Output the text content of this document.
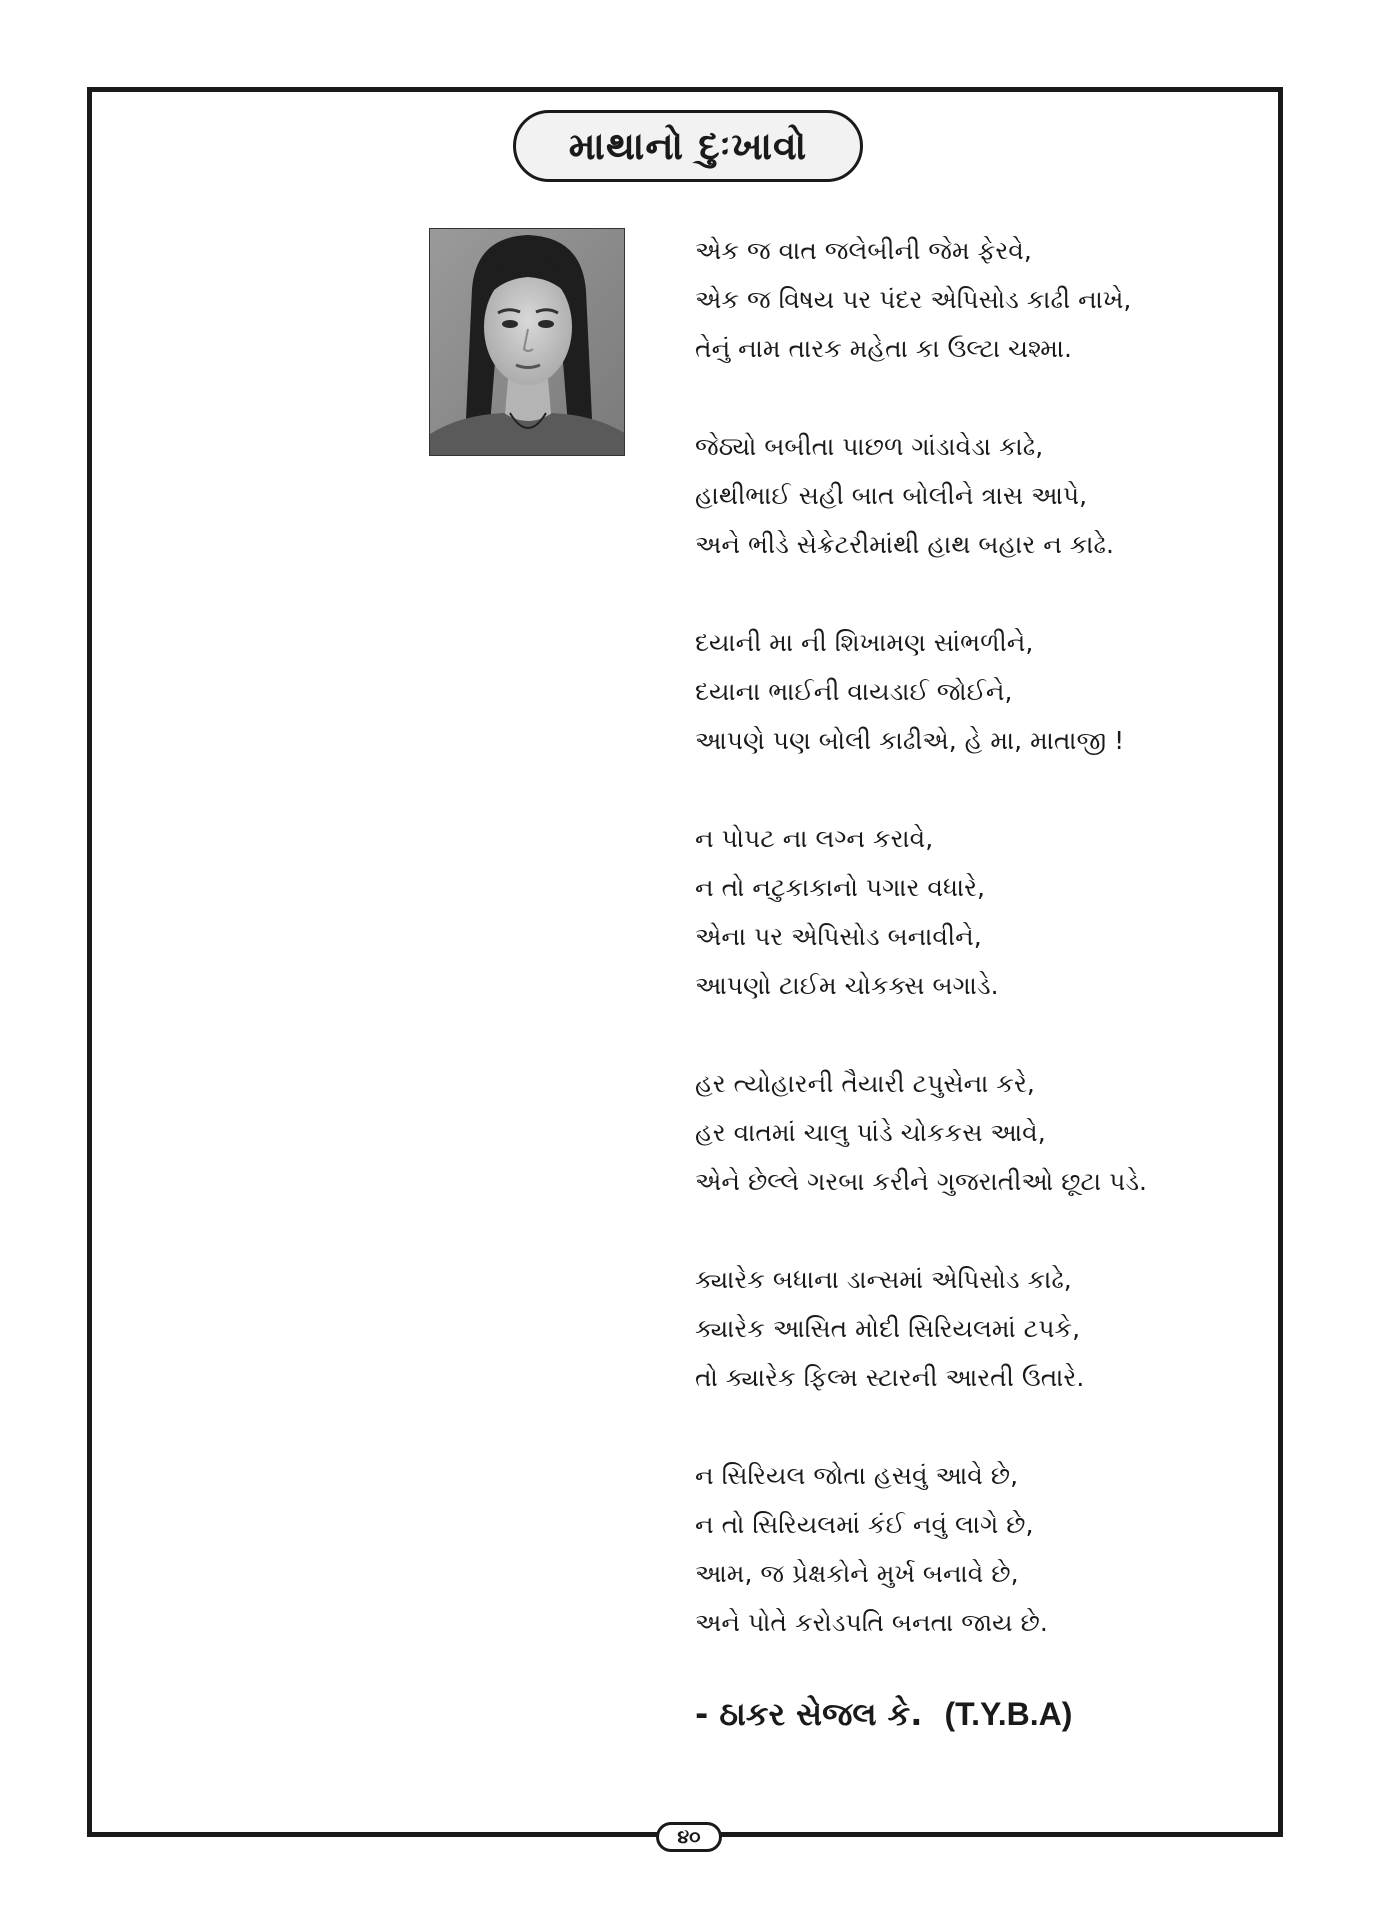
માથાનો દુઃખાવો
એક જ વાત જલેબીની જેમ ફેરવે,
એક જ વિષય પર પંદર એપિસોડ કાઢી નાખે,
તેનું નામ તારક મહેતા કા ઉલ્ટા ચશ્મા.
જેઠ્યો બબીતા પાછળ ગાંડાવેડા કાઢે,
હાથીભાઈ સહી બાત બોલીને ત્રાસ આપે,
અને ભીડે સેક્રેટરીમાંથી હાથ બહાર ન કાઢે.
દયાની મા ની શિખામણ સાંભળીને,
દયાના ભાઈની વાયડાઈ જોઈને,
આપણે પણ બોલી કાઢીએ, હે મા, માતાજી !
ન પોપટ ના લગ્ન કરાવે,
ન તો નટુકાકાનો પગાર વધારે,
એના પર એપિસોડ બનાવીને,
આપણો ટાઈમ ચોકક્સ બગાડે.
હર ત્યોહારની તૈયારી ટપુસેના કરે,
હર વાતમાં ચાલુ પાંડે ચોકકસ આવે,
એને છેલ્લે ગરબા કરીને ગુજરાતીઓ છૂટા પડે.
ક્યારેક બધાના ડાન્સમાં એપિસોડ કાઢે,
ક્યારેક આસિત મોદી સિરિયલમાં ટપકે,
તો ક્યારેક ફિલ્મ સ્ટારની આરતી ઉતારે.
ન સિરિયલ જોતા હસવું આવે છે,
ન તો સિરિયલમાં કંઈ નવું લાગે છે,
આમ, જ પ્રેક્ષકોને મુર્ખ બનાવે છે,
અને પોતે કરોડપતિ બનતા જાય છે.
- ઠાકર સેજલ કે. (T.Y.B.A)
૪૦
